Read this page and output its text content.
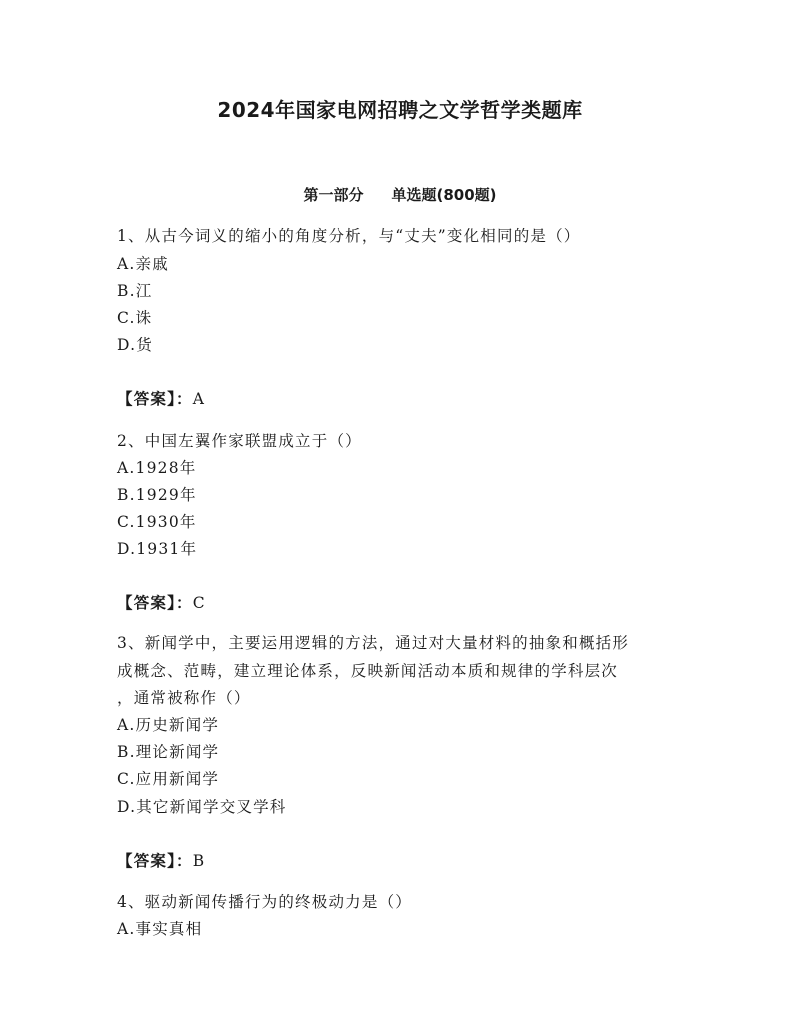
2024年国家电网招聘之文学哲学类题库
第一部分 单选题(800题)
1、从古今词义的缩小的角度分析，与“丈夫”变化相同的是（）
A.亲戚
B.江
C.诛
D.货
【答案】：A
2、中国左翼作家联盟成立于（）
A.1928年
B.1929年
C.1930年
D.1931年
【答案】：C
3、新闻学中，主要运用逻辑的方法，通过对大量材料的抽象和概括形
成概念、范畴，建立理论体系，反映新闻活动本质和规律的学科层次
，通常被称作（）
A.历史新闻学
B.理论新闻学
C.应用新闻学
D.其它新闻学交叉学科
【答案】：B
4、驱动新闻传播行为的终极动力是（）
A.事实真相
